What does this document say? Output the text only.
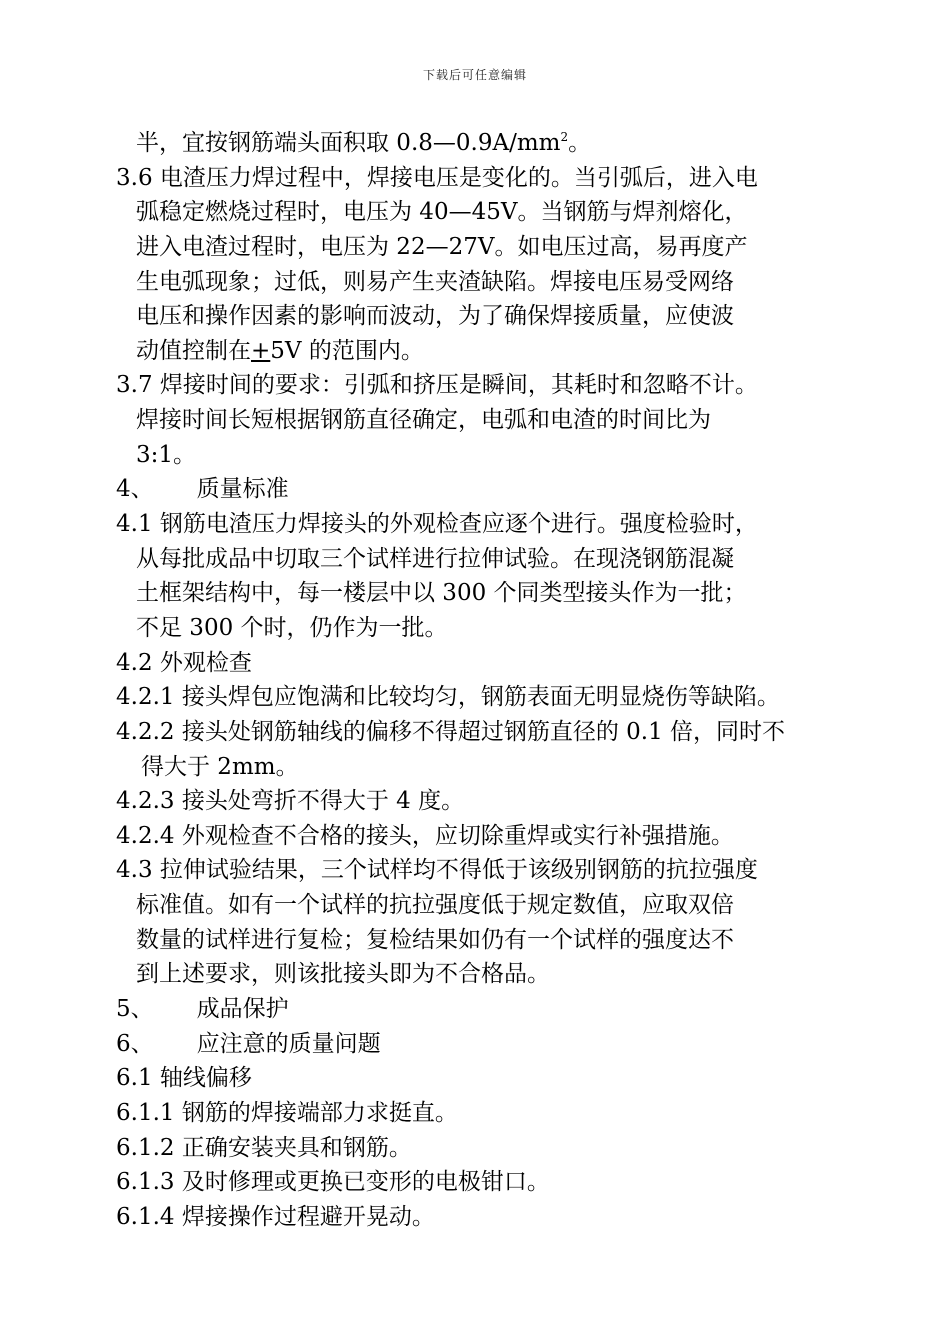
下载后可任意编辑
半，宜按钢筋端头面积取 $0.8—0.9A/mm^2$。
3.6 电渣压力焊过程中，焊接电压是变化的。当引弧后，进入电
弧稳定燃烧过程时，电压为 40—45V。当钢筋与焊剂熔化，
进入电渣过程时，电压为 22—27V。如电压过高，易再度产
生电弧现象；过低，则易产生夹渣缺陷。焊接电压易受网络
电压和操作因素的影响而波动，为了确保焊接质量，应使波
动值控制在+5V 的范围内。
3.7 焊接时间的要求：引弧和挤压是瞬间，其耗时和忽略不计。
焊接时间长短根据钢筋直径确定，电弧和电渣的时间比为
3:1。
4、 质量标准
4.1 钢筋电渣压力焊接头的外观检查应逐个进行。强度检验时，
从每批成品中切取三个试样进行拉伸试验。在现浇钢筋混凝
土框架结构中，每一楼层中以 300 个同类型接头作为一批；
不足 300 个时，仍作为一批。
4.2 外观检查
4.2.1 接头焊包应饱满和比较均匀，钢筋表面无明显烧伤等缺陷。
4.2.2 接头处钢筋轴线的偏移不得超过钢筋直径的 0.1 倍，同时不
得大于 2mm。
4.2.3 接头处弯折不得大于 4 度。
4.2.4 外观检查不合格的接头，应切除重焊或实行补强措施。
4.3 拉伸试验结果，三个试样均不得低于该级别钢筋的抗拉强度
标准值。如有一个试样的抗拉强度低于规定数值，应取双倍
数量的试样进行复检；复检结果如仍有一个试样的强度达不
到上述要求，则该批接头即为不合格品。
5、 成品保护
6、 应注意的质量问题
6.1 轴线偏移
6.1.1 钢筋的焊接端部力求挺直。
6.1.2 正确安装夹具和钢筋。
6.1.3 及时修理或更换已变形的电极钳口。
6.1.4 焊接操作过程避开晃动。
